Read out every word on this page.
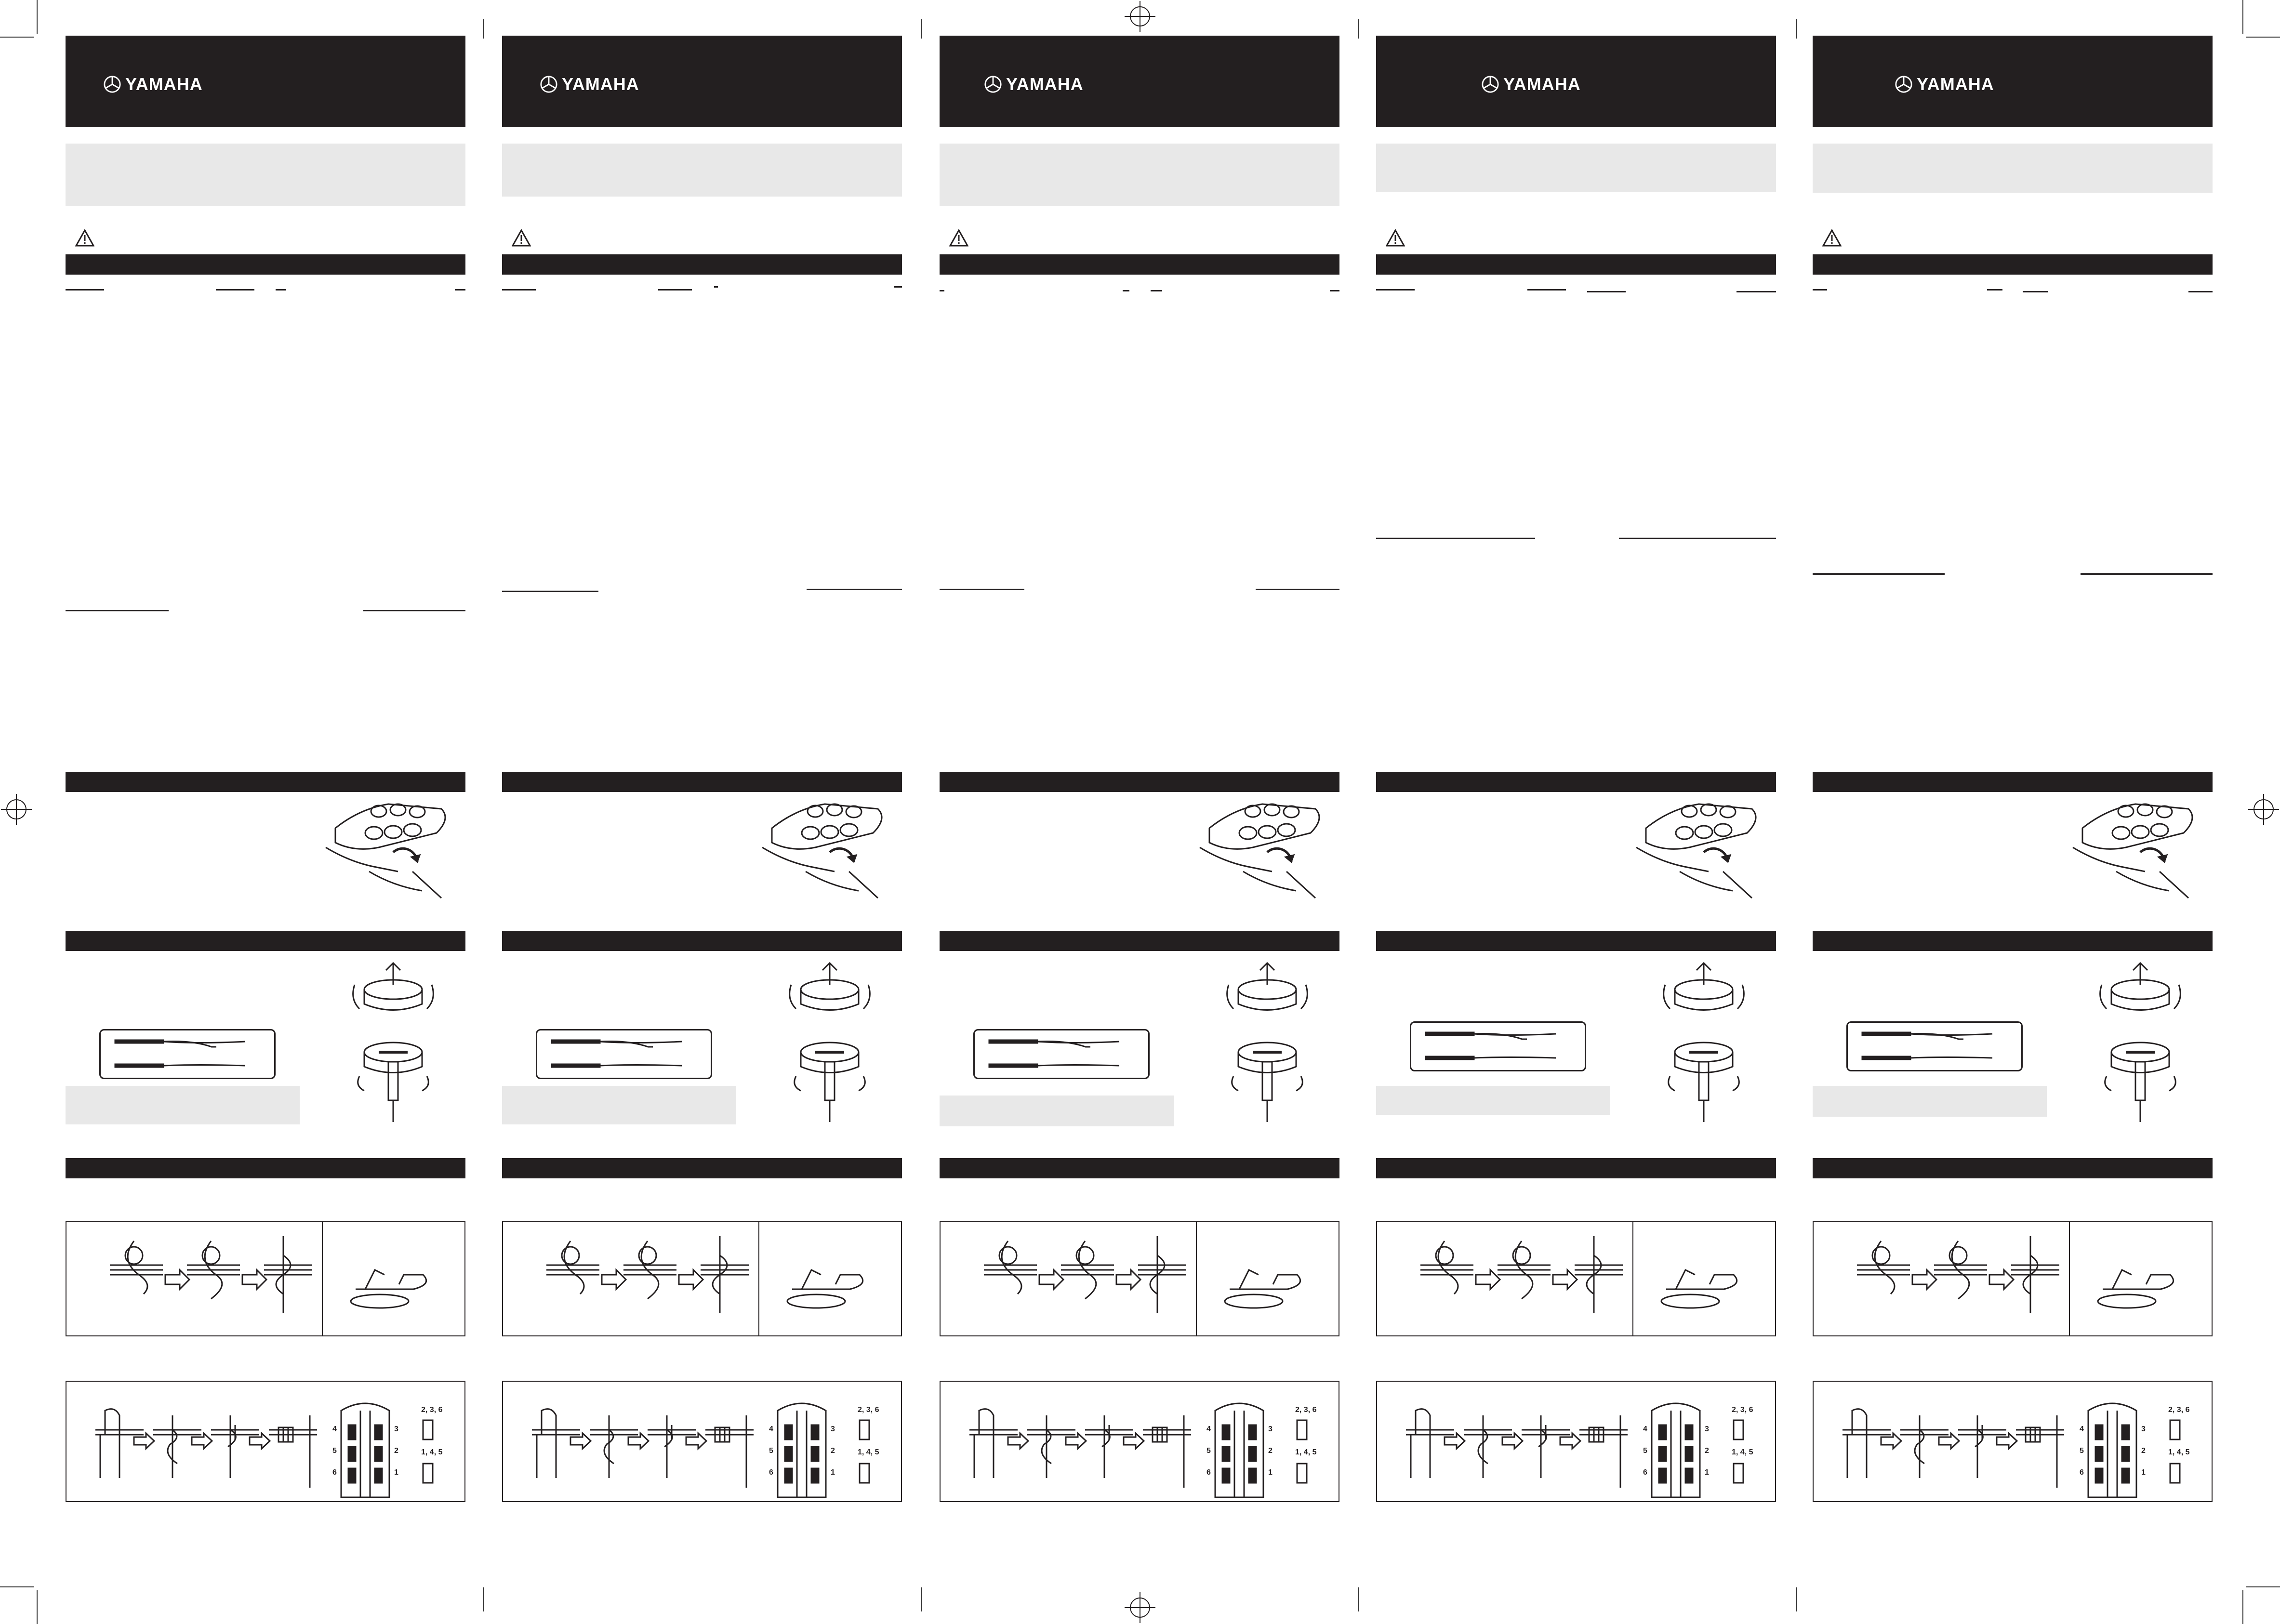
YAMAHA
2, 3, 6
1, 4, 5
4
5
6
3
2
1
YAMAHA
2, 3, 6
1, 4, 5
4
5
6
3
2
1
YAMAHA
2, 3, 6
1, 4, 5
4
5
6
3
2
1
YAMAHA
2, 3, 6
1, 4, 5
4
5
6
3
2
1
YAMAHA
2, 3, 6
1, 4, 5
4
5
6
3
2
1
